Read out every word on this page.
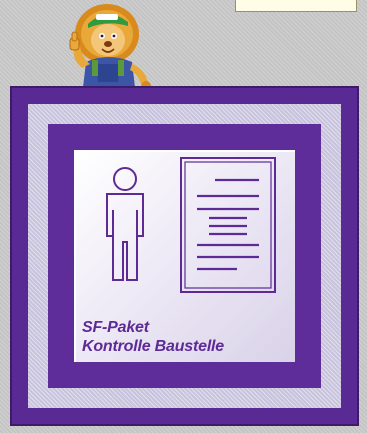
SF-Paket
Kontrolle Baustelle
